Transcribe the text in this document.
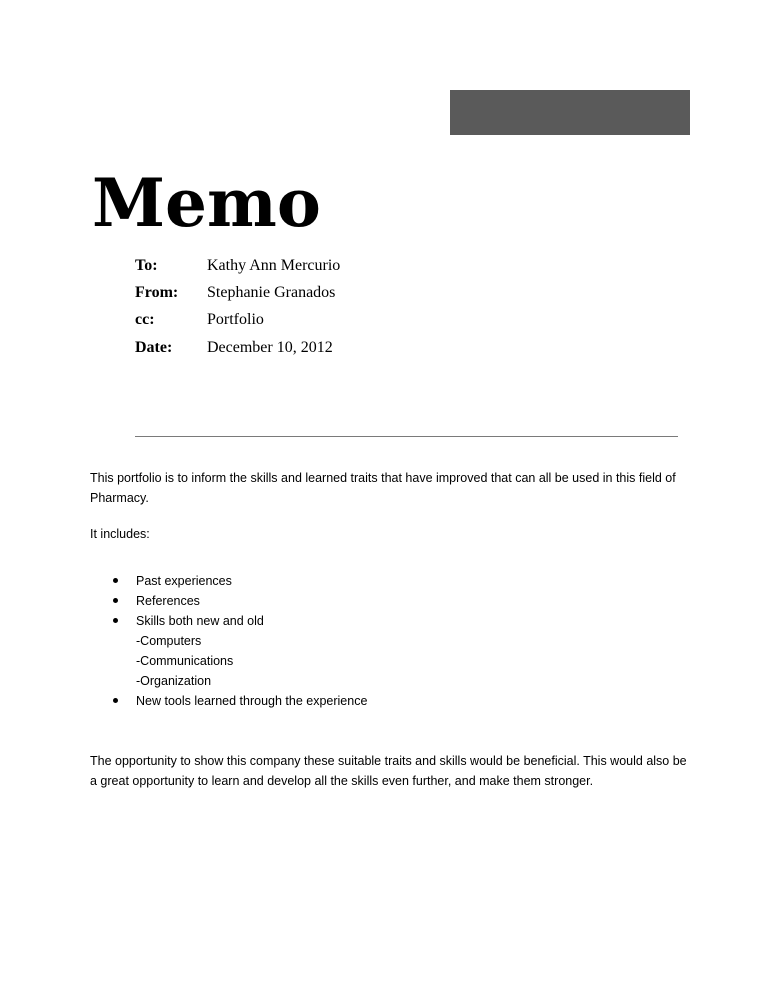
Memo
To:	Kathy Ann Mercurio
From: Stephanie Granados
cc:	Portfolio
Date: December 10, 2012

This portfolio is to inform the skills and learned traits that have improved that can all be used in this field of Pharmacy.

It includes:

Past experiences
References
Skills both new and old
-Computers
-Communications
-Organization
New tools learned through the experience

The opportunity to show this company these suitable traits and skills would be beneficial. This would also be a great opportunity to learn and develop all the skills even further, and make them stronger.
